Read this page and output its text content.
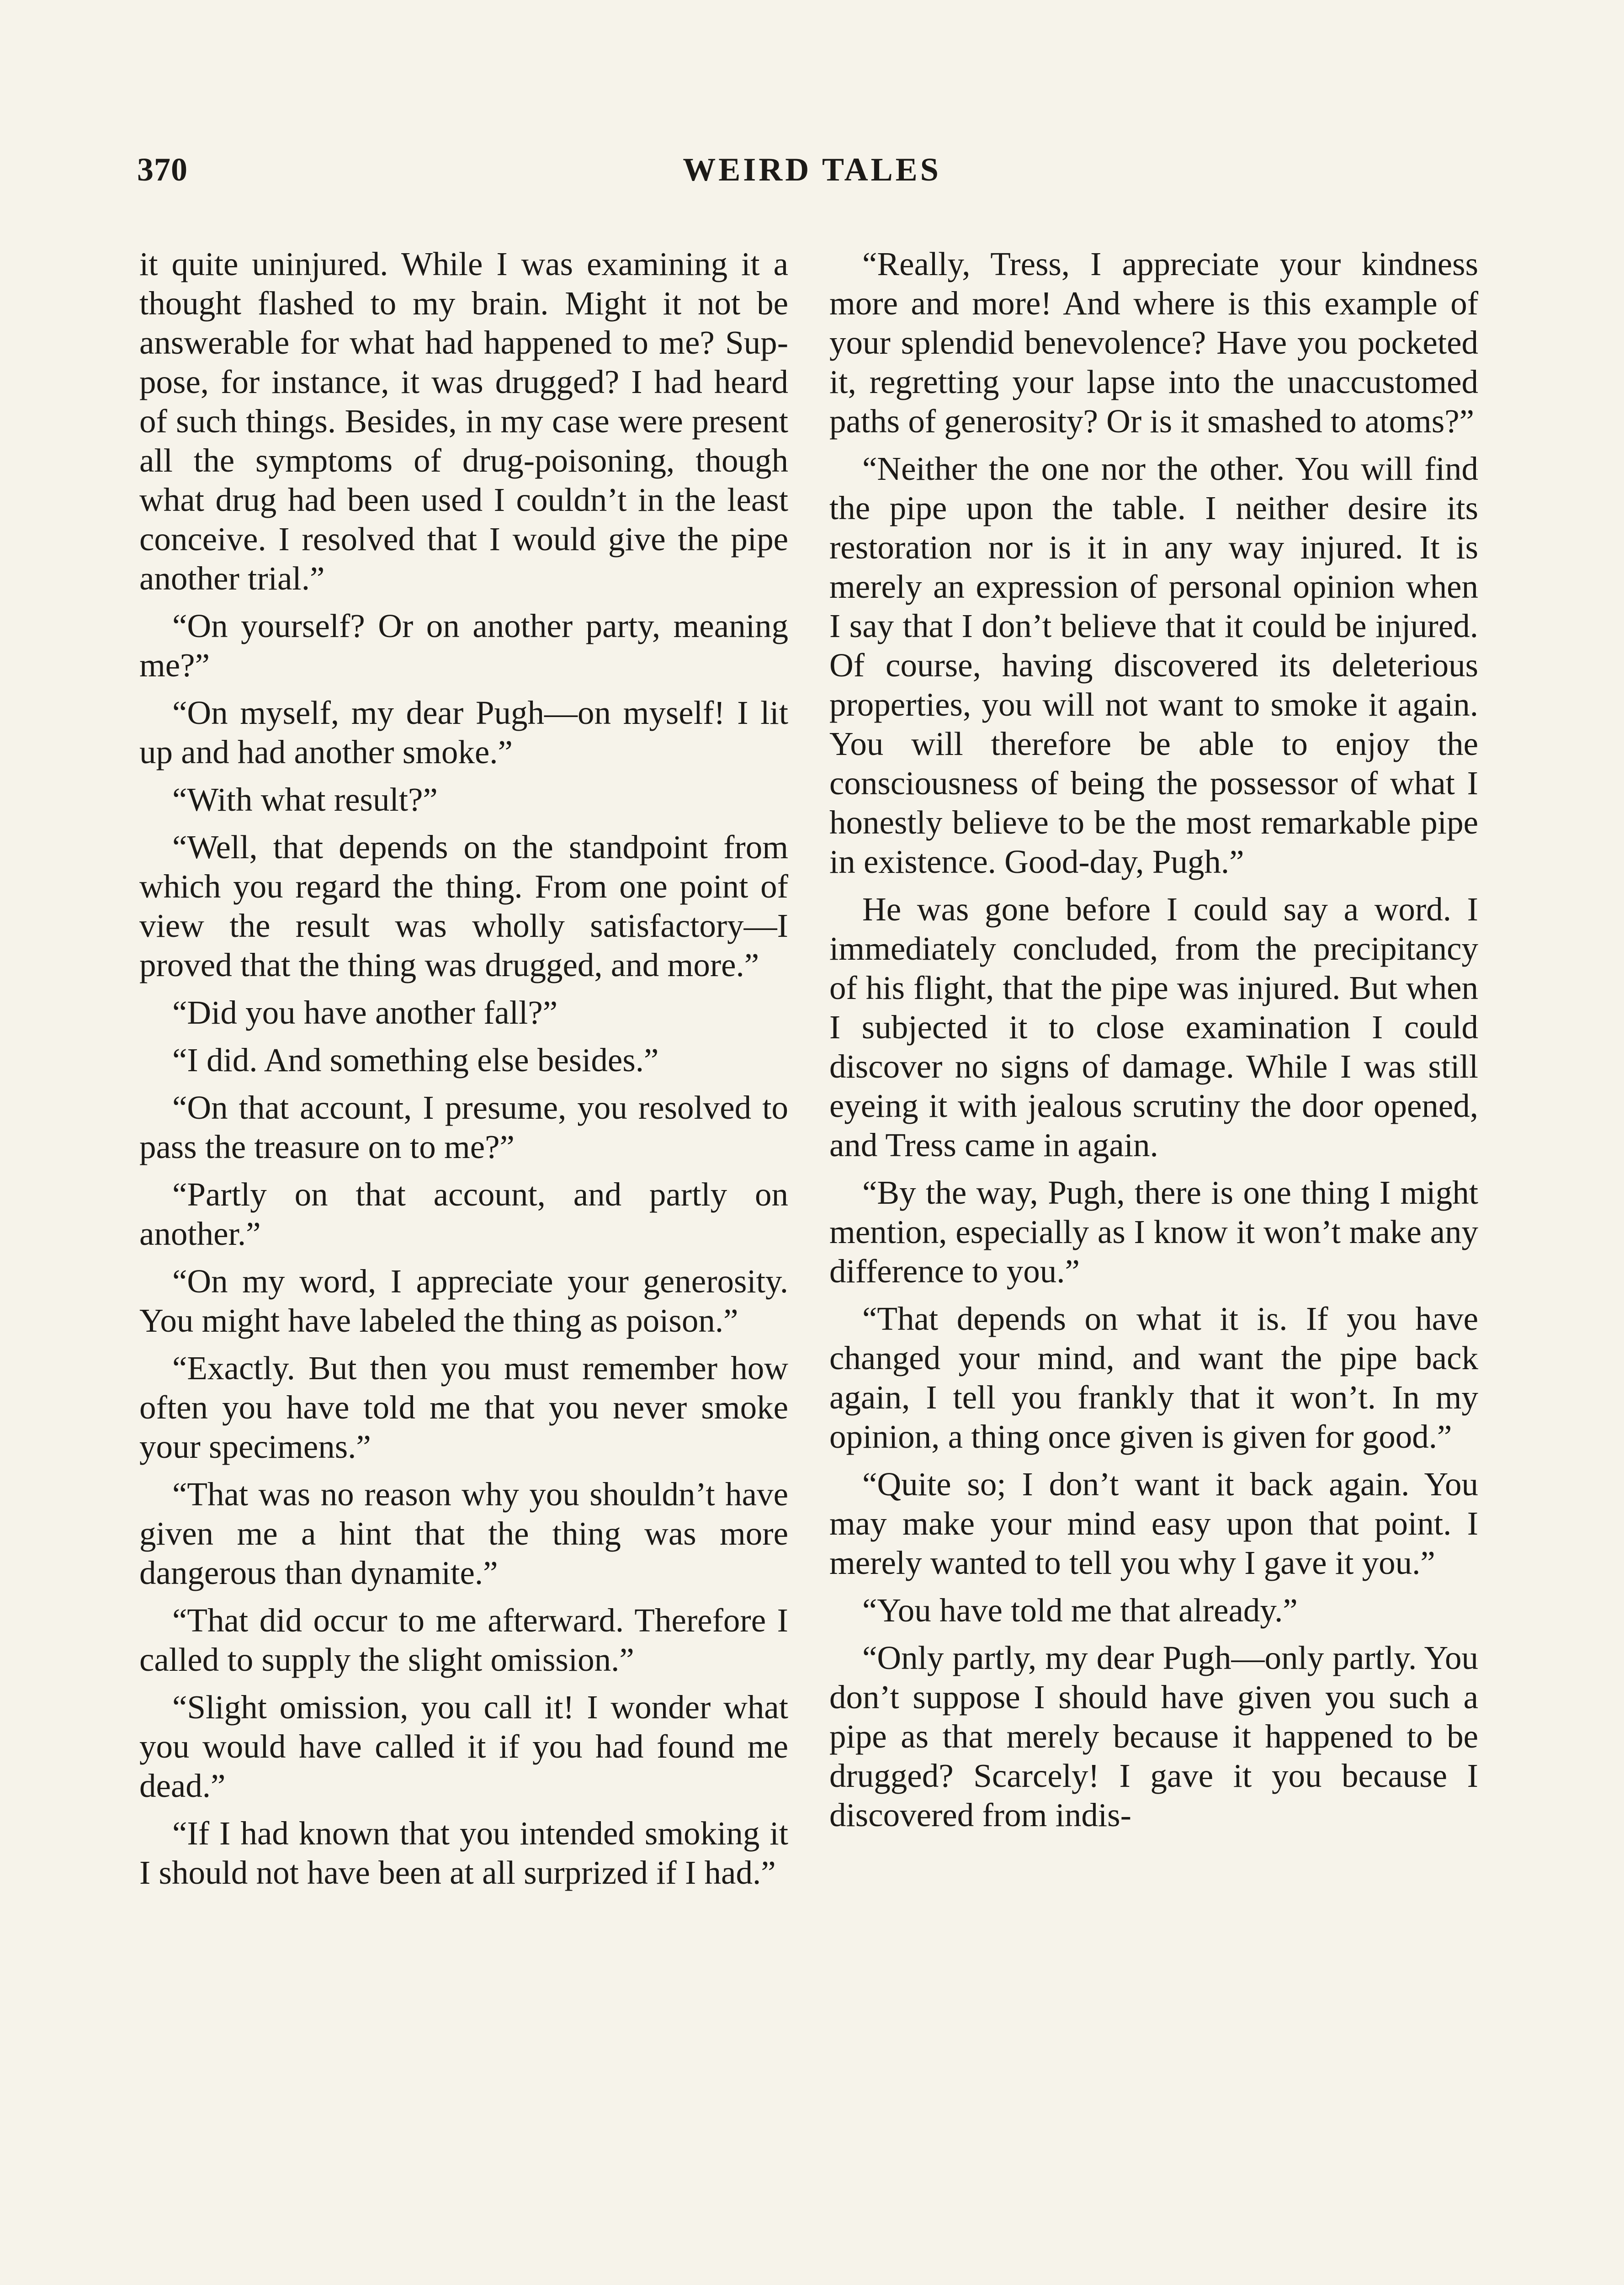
370	WEIRD TALES

it quite uninjured. While I was examining it a thought flashed to my brain. Might it not be answerable for what had happened to me? Suppose, for instance, it was drugged? I had heard of such things. Besides, in my case were present all the symptoms of drug-poisoning, though what drug had been used I couldn’t in the least conceive. I resolved that I would give the pipe another trial.”

“On yourself? Or on another party, meaning me?”

“On myself, my dear Pugh—on myself! I lit up and had another smoke.”

“With what result?”

“Well, that depends on the standpoint from which you regard the thing. From one point of view the result was wholly satisfactory—I proved that the thing was drugged, and more.”

“Did you have another fall?”

“I did. And something else besides.”

“On that account, I presume, you resolved to pass the treasure on to me?”

“Partly on that account, and partly on another.”

“On my word, I appreciate your generosity. You might have labeled the thing as poison.”

“Exactly. But then you must remember how often you have told me that you never smoke your specimens.”

“That was no reason why you shouldn’t have given me a hint that the thing was more dangerous than dynamite.”

“That did occur to me afterward. Therefore I called to supply the slight omission.”

“Slight omission, you call it! I wonder what you would have called it if you had found me dead.”

“If I had known that you intended smoking it I should not have been at all surprized if I had.”

“Really, Tress, I appreciate your kindness more and more! And where is this example of your splendid benevolence? Have you pocketed it, regretting your lapse into the unaccustomed paths of generosity? Or is it smashed to atoms?”

“Neither the one nor the other. You will find the pipe upon the table. I neither desire its restoration nor is it in any way injured. It is merely an expression of personal opinion when I say that I don’t believe that it could be injured. Of course, having discovered its deleterious properties, you will not want to smoke it again. You will therefore be able to enjoy the consciousness of being the possessor of what I honestly believe to be the most remarkable pipe in existence. Good-day, Pugh.”

He was gone before I could say a word. I immediately concluded, from the precipitancy of his flight, that the pipe was injured. But when I subjected it to close examination I could discover no signs of damage. While I was still eyeing it with jealous scrutiny the door opened, and Tress came in again.

“By the way, Pugh, there is one thing I might mention, especially as I know it won’t make any difference to you.”

“That depends on what it is. If you have changed your mind, and want the pipe back again, I tell you frankly that it won’t. In my opinion, a thing once given is given for good.”

“Quite so; I don’t want it back again. You may make your mind easy upon that point. I merely wanted to tell you why I gave it you.”

“You have told me that already.”

“Only partly, my dear Pugh—only partly. You don’t suppose I should have given you such a pipe as that merely because it happened to be drugged? Scarcely! I gave it you because I discovered from indis-
